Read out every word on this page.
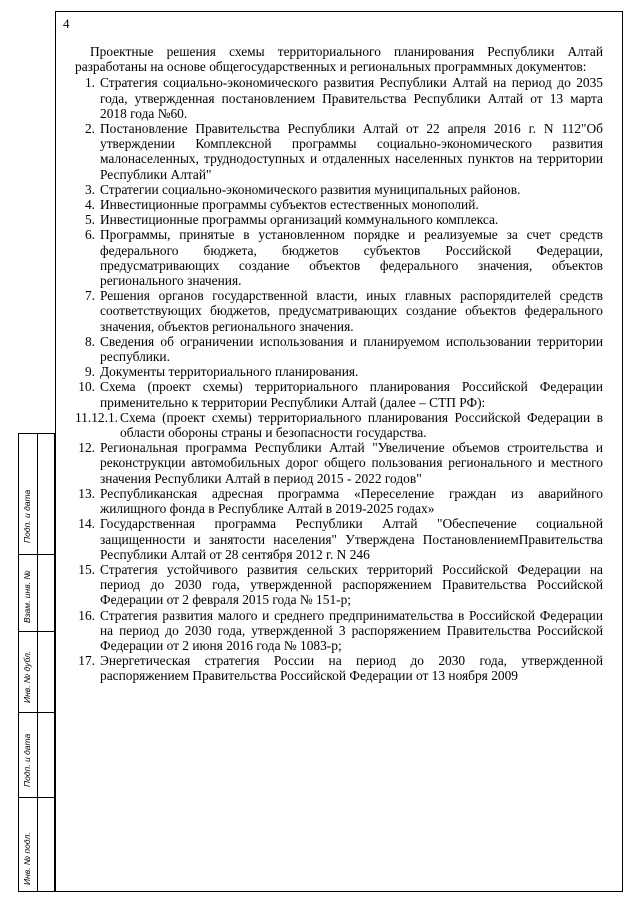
4

Проектные решения схемы территориального планирования Республики Алтай разработаны на основе общегосударственных и региональных программных документов:

1. Стратегия социально-экономического развития Республики Алтай на период до 2035 года, утвержденная постановлением Правительства Республики Алтай от 13 марта 2018 года №60.
2. Постановление Правительства Республики Алтай от 22 апреля 2016 г. N 112"Об утверждении Комплексной программы социально-экономического развития малонаселенных, труднодоступных и отдаленных населенных пунктов на территории Республики Алтай"
3. Стратегии социально-экономического развития муниципальных районов.
4. Инвестиционные программы субъектов естественных монополий.
5. Инвестиционные программы организаций коммунального комплекса.
6. Программы, принятые в установленном порядке и реализуемые за счет средств федерального бюджета, бюджетов субъектов Российской Федерации, предусматривающих создание объектов федерального значения, объектов регионального значения.
7. Решения органов государственной власти, иных главных распорядителей средств соответствующих бюджетов, предусматривающих создание объектов федерального значения, объектов регионального значения.
8. Сведения об ограничении использования и планируемом использовании территории республики.
9. Документы территориального планирования.
10. Схема (проект схемы) территориального планирования Российской Федерации применительно к территории Республики Алтай (далее – СТП РФ):
11.12.1. Схема (проект схемы) территориального планирования Российской Федерации в области обороны страны и безопасности государства.
12. Региональная программа Республики Алтай "Увеличение объемов строительства и реконструкции автомобильных дорог общего пользования регионального и местного значения Республики Алтай в период 2015 - 2022 годов"
13. Республиканская адресная программа «Переселение граждан из аварийного жилищного фонда в Республике Алтай в 2019-2025 годах»
14. Государственная программа Республики Алтай "Обеспечение социальной защищенности и занятости населения" Утверждена ПостановлениемПравительства Республики Алтай от 28 сентября 2012 г. N 246
15. Стратегия устойчивого развития сельских территорий Российской Федерации на период до 2030 года, утвержденной распоряжением Правительства Российской Федерации от 2 февраля 2015 года № 151-р;
16. Стратегия развития малого и среднего предпринимательства в Российской Федерации на период до 2030 года, утвержденной 3 распоряжением Правительства Российской Федерации от 2 июня 2016 года № 1083-р;
17. Энергетическая стратегия России на период до 2030 года, утвержденной распоряжением Правительства Российской Федерации от 13 ноября 2009
Подп. и дата
Взам. инв. №
Инв. № дубл.
Подп. и дата
Инв. № подл.
